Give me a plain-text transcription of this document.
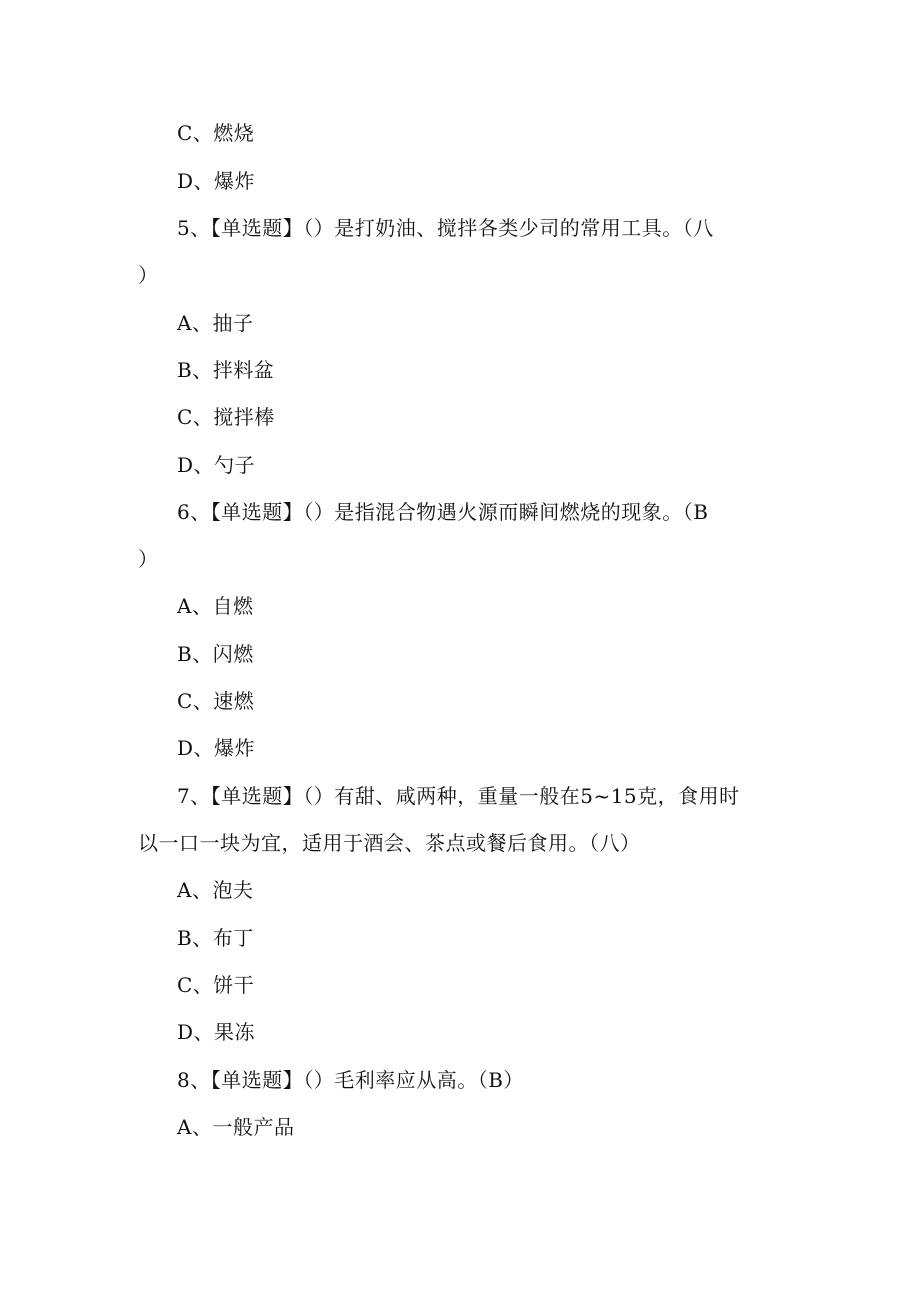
C、燃烧
D、爆炸
5、【单选题】（）是打奶油、搅拌各类少司的常用工具。（八
）
A、抽子
B、拌料盆
C、搅拌棒
D、勺子
6、【单选题】（）是指混合物遇火源而瞬间燃烧的现象。（B
）
A、自燃
B、闪燃
C、速燃
D、爆炸
7、【单选题】（）有甜、咸两种，重量一般在5~15克，食用时
以一口一块为宜，适用于酒会、茶点或餐后食用。（八）
A、泡夫
B、布丁
C、饼干
D、果冻
8、【单选题】（）毛利率应从高。（B）
A、一般产品
